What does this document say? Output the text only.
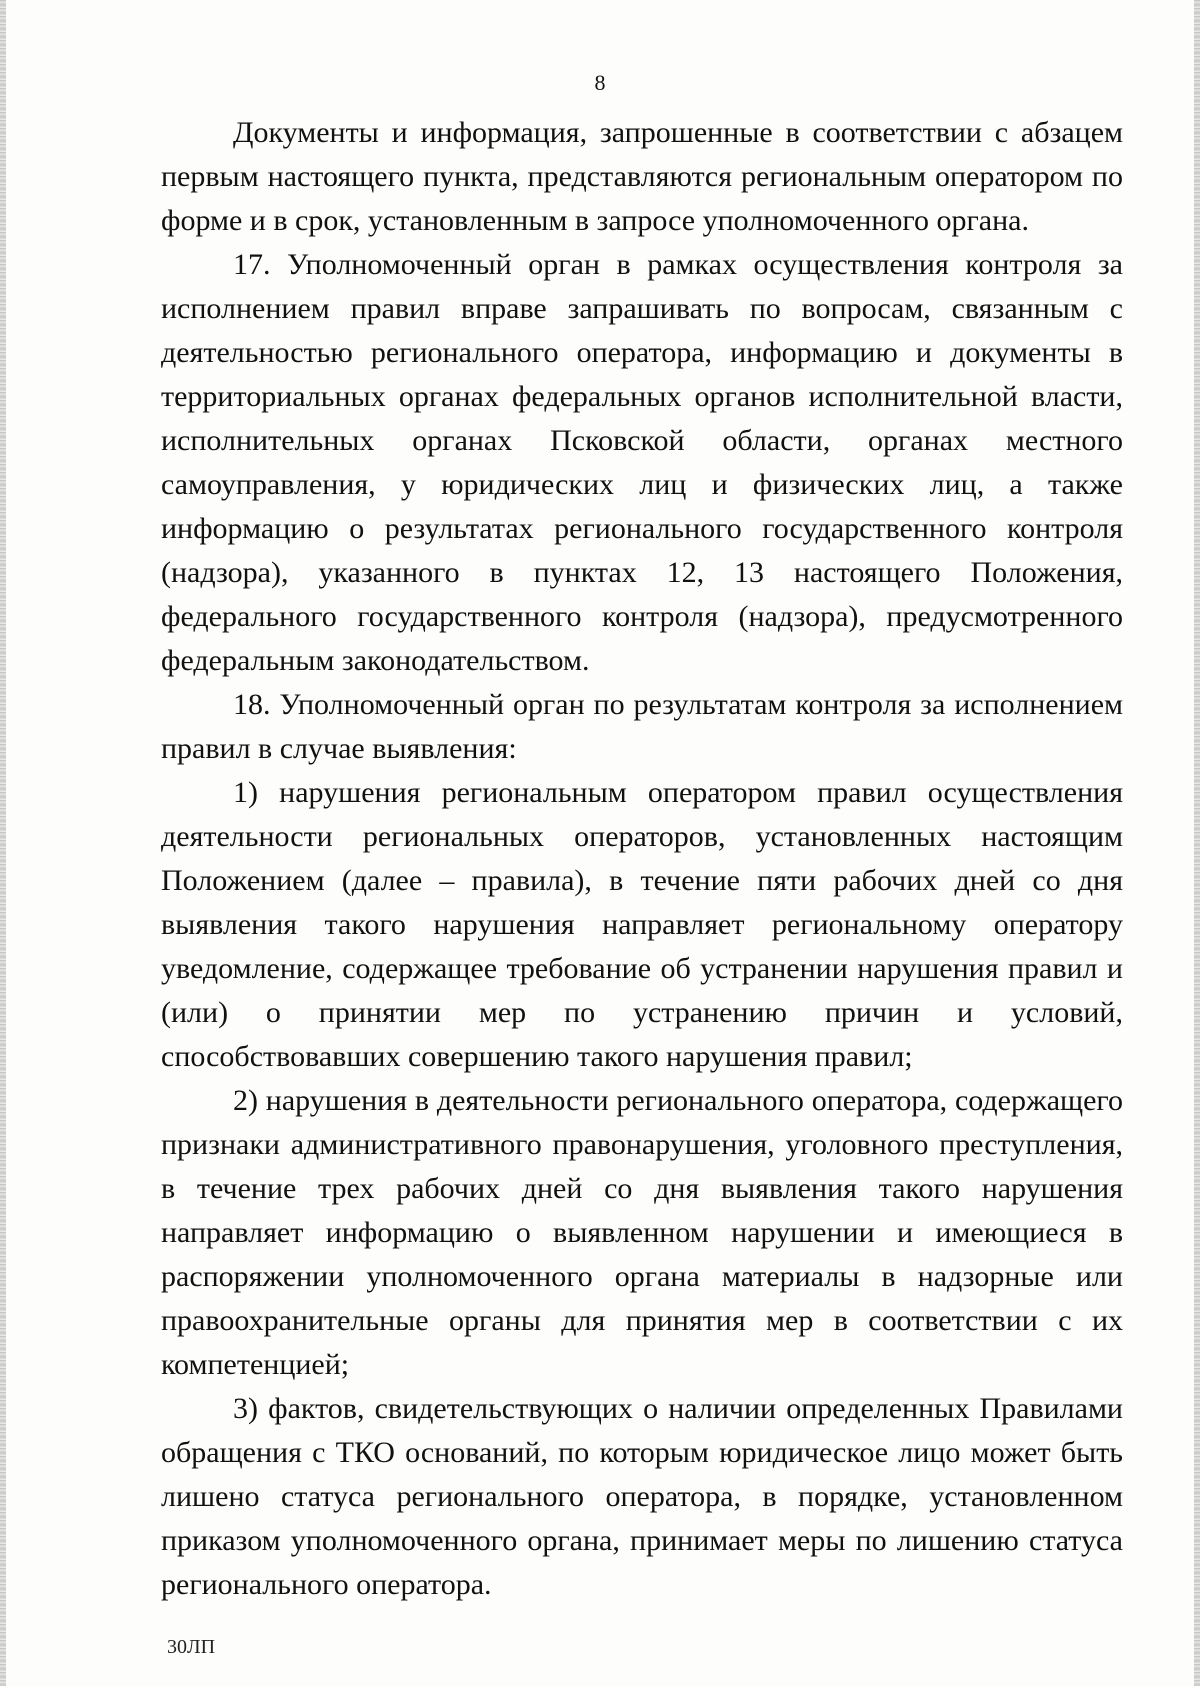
8

Документы и информация, запрошенные в соответствии с абзацем первым настоящего пункта, представляются региональным оператором по форме и в срок, установленным в запросе уполномоченного органа.

17. Уполномоченный орган в рамках осуществления контроля за исполнением правил вправе запрашивать по вопросам, связанным с деятельностью регионального оператора, информацию и документы в территориальных органах федеральных органов исполнительной власти, исполнительных органах Псковской области, органах местного самоуправления, у юридических лиц и физических лиц, а также информацию о результатах регионального государственного контроля (надзора), указанного в пунктах 12, 13 настоящего Положения, федерального государственного контроля (надзора), предусмотренного федеральным законодательством.

18. Уполномоченный орган по результатам контроля за исполнением правил в случае выявления:

1) нарушения региональным оператором правил осуществления деятельности региональных операторов, установленных настоящим Положением (далее – правила), в течение пяти рабочих дней со дня выявления такого нарушения направляет региональному оператору уведомление, содержащее требование об устранении нарушения правил и (или) о принятии мер по устранению причин и условий, способствовавших совершению такого нарушения правил;

2) нарушения в деятельности регионального оператора, содержащего признаки административного правонарушения, уголовного преступления, в течение трех рабочих дней со дня выявления такого нарушения направляет информацию о выявленном нарушении и имеющиеся в распоряжении уполномоченного органа материалы в надзорные или правоохранительные органы для принятия мер в соответствии с их компетенцией;

3) фактов, свидетельствующих о наличии определенных Правилами обращения с ТКО оснований, по которым юридическое лицо может быть лишено статуса регионального оператора, в порядке, установленном приказом уполномоченного органа, принимает меры по лишению статуса регионального оператора.

30ЛП
